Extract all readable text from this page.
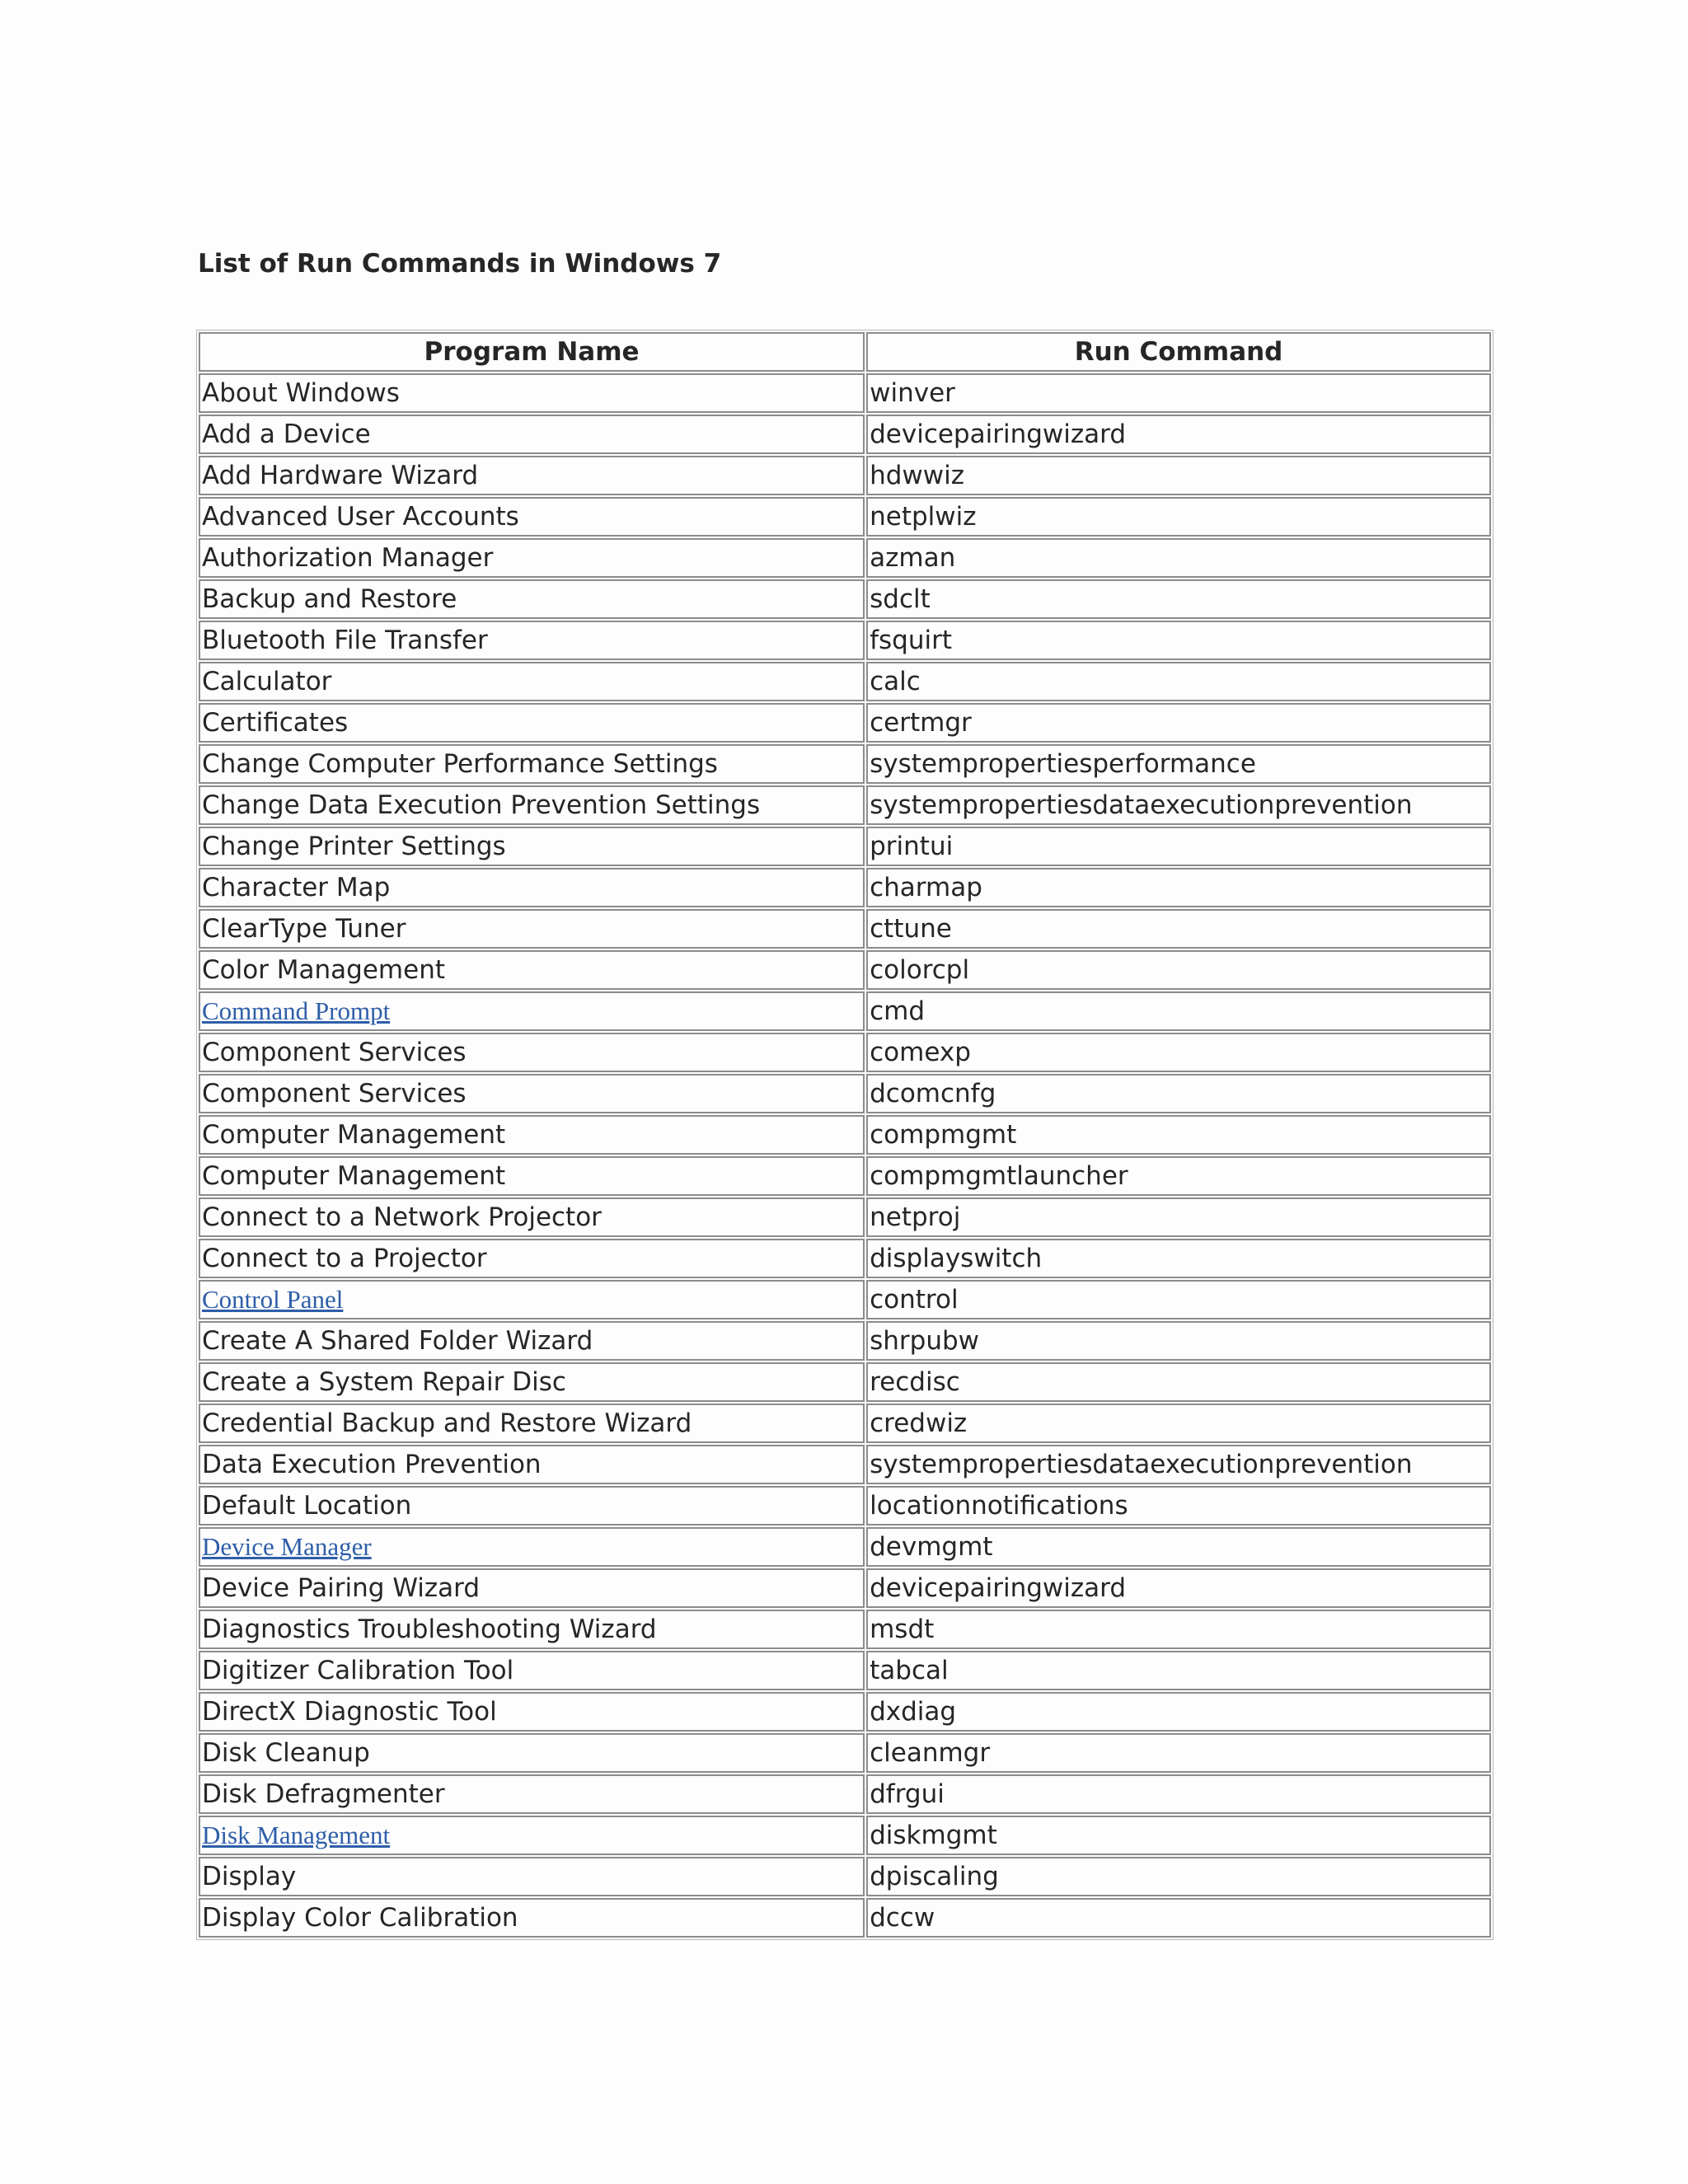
List of Run Commands in Windows 7
Program Name	Run Command
About Windows	winver
Add a Device	devicepairingwizard
Add Hardware Wizard	hdwwiz
Advanced User Accounts	netplwiz
Authorization Manager	azman
Backup and Restore	sdclt
Bluetooth File Transfer	fsquirt
Calculator	calc
Certificates	certmgr
Change Computer Performance Settings	systempropertiesperformance
Change Data Execution Prevention Settings	systempropertiesdataexecutionprevention
Change Printer Settings	printui
Character Map	charmap
ClearType Tuner	cttune
Color Management	colorcpl
Command Prompt	cmd
Component Services	comexp
Component Services	dcomcnfg
Computer Management	compmgmt
Computer Management	compmgmtlauncher
Connect to a Network Projector	netproj
Connect to a Projector	displayswitch
Control Panel	control
Create A Shared Folder Wizard	shrpubw
Create a System Repair Disc	recdisc
Credential Backup and Restore Wizard	credwiz
Data Execution Prevention	systempropertiesdataexecutionprevention
Default Location	locationnotifications
Device Manager	devmgmt
Device Pairing Wizard	devicepairingwizard
Diagnostics Troubleshooting Wizard	msdt
Digitizer Calibration Tool	tabcal
DirectX Diagnostic Tool	dxdiag
Disk Cleanup	cleanmgr
Disk Defragmenter	dfrgui
Disk Management	diskmgmt
Display	dpiscaling
Display Color Calibration	dccw
